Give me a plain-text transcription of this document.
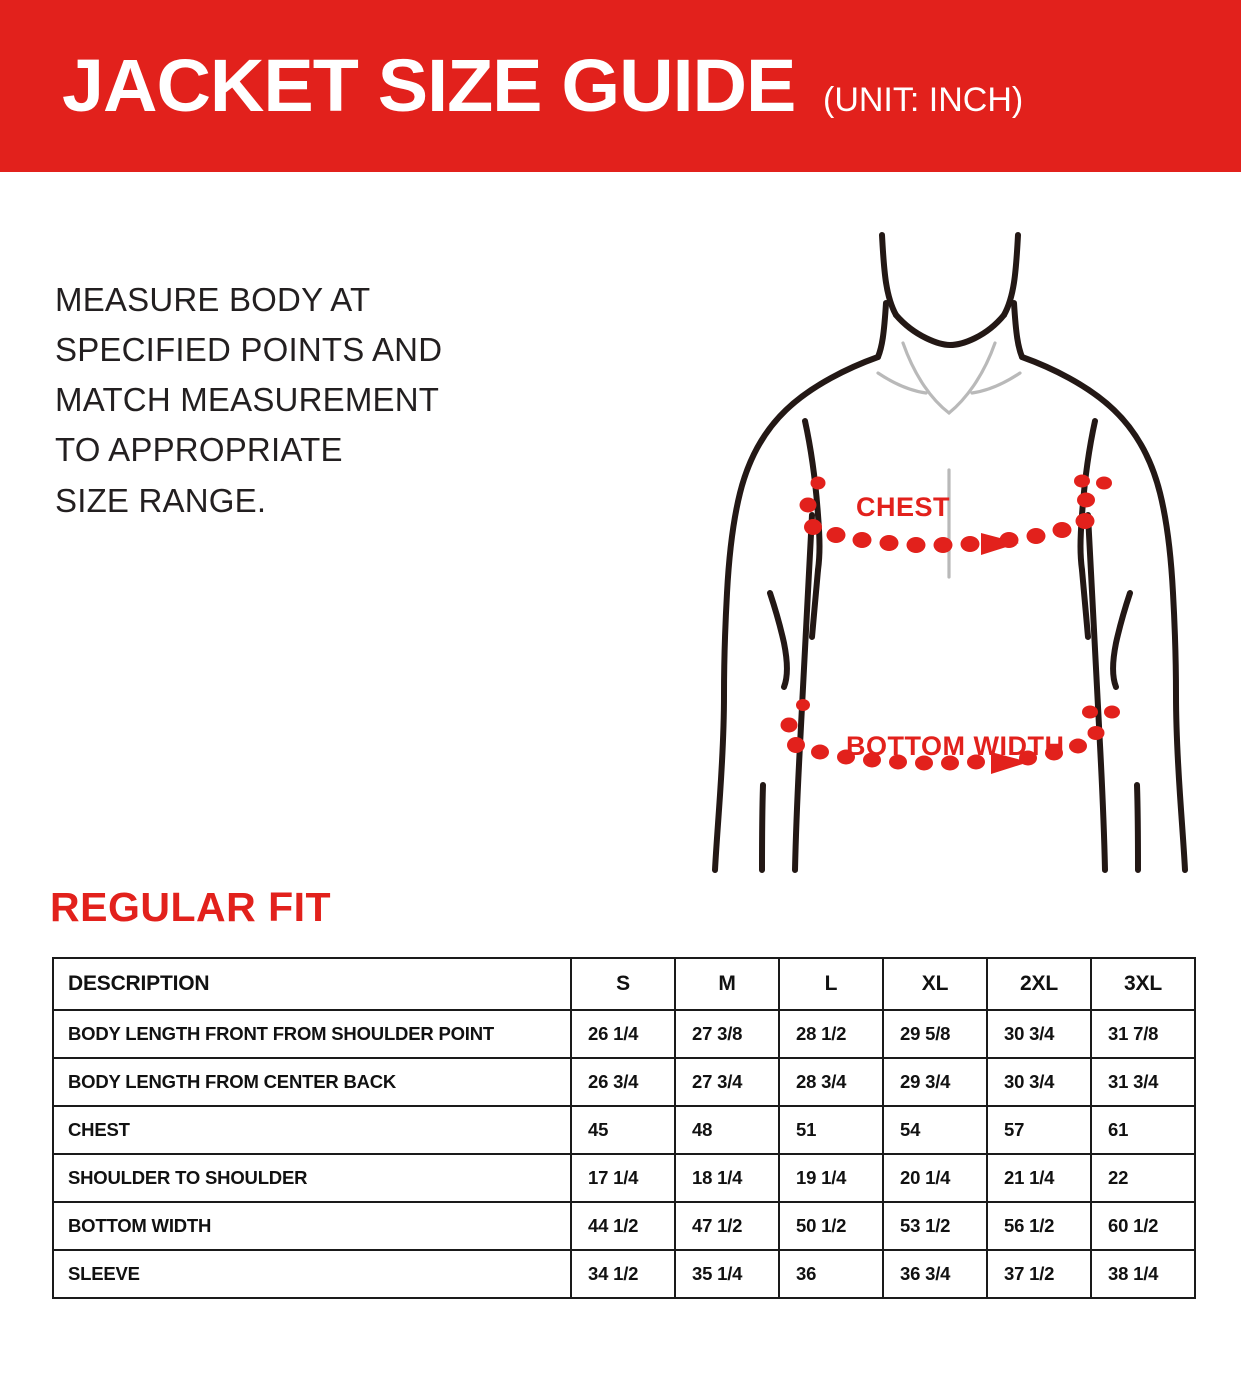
JACKET SIZE GUIDE (UNIT: INCH)
MEASURE BODY AT
SPECIFIED POINTS AND
MATCH MEASUREMENT
TO APPROPRIATE
SIZE RANGE.	CHEST
BOTTOM WIDTH
REGULAR FIT
DESCRIPTION	S	M	L	XL	2XL	3XL
BODY LENGTH FRONT FROM SHOULDER POINT	26 1/4	27 3/8	28 1/2	29 5/8	30 3/4	31 7/8
BODY LENGTH FROM CENTER BACK	26 3/4	27 3/4	28 3/4	29 3/4	30 3/4	31 3/4
CHEST	45	48	51	54	57	61
SHOULDER TO SHOULDER	17 1/4	18 1/4	19 1/4	20 1/4	21 1/4	22
BOTTOM WIDTH	44 1/2	47 1/2	50 1/2	53 1/2	56 1/2	60 1/2
SLEEVE	34 1/2	35 1/4	36	36 3/4	37 1/2	38 1/4
